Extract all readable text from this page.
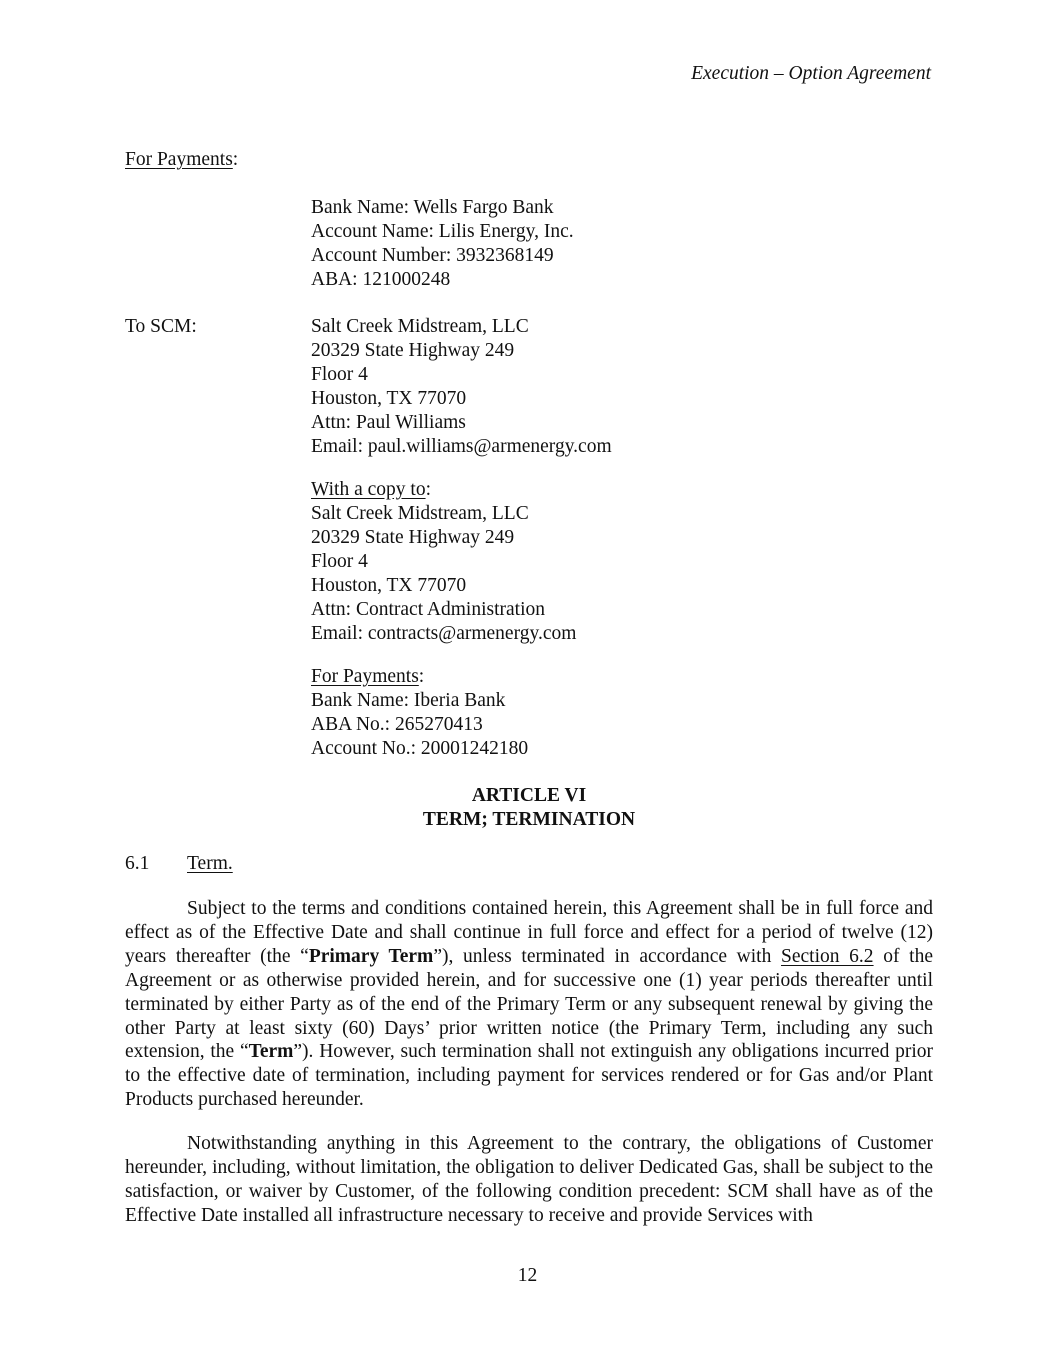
Execution – Option Agreement
For Payments:
Bank Name: Wells Fargo Bank
Account Name: Lilis Energy, Inc.
Account Number: 3932368149
ABA: 121000248
To SCM:	Salt Creek Midstream, LLC
20329 State Highway 249
Floor 4
Houston, TX 77070
Attn: Paul Williams
Email: paul.williams@armenergy.com
With a copy to:
Salt Creek Midstream, LLC
20329 State Highway 249
Floor 4
Houston, TX 77070
Attn: Contract Administration
Email: contracts@armenergy.com
For Payments:
Bank Name: Iberia Bank
ABA No.: 265270413
Account No.: 20001242180
ARTICLE VI
TERM; TERMINATION
6.1 Term.
Subject to the terms and conditions contained herein, this Agreement shall be in full force and effect as of the Effective Date and shall continue in full force and effect for a period of twelve (12) years thereafter (the “Primary Term”), unless terminated in accordance with Section 6.2 of the Agreement or as otherwise provided herein, and for successive one (1) year periods thereafter until terminated by either Party as of the end of the Primary Term or any subsequent renewal by giving the other Party at least sixty (60) Days’ prior written notice (the Primary Term, including any such extension, the “Term”). However, such termination shall not extinguish any obligations incurred prior to the effective date of termination, including payment for services rendered or for Gas and/or Plant Products purchased hereunder.
Notwithstanding anything in this Agreement to the contrary, the obligations of Customer hereunder, including, without limitation, the obligation to deliver Dedicated Gas, shall be subject to the satisfaction, or waiver by Customer, of the following condition precedent: SCM shall have as of the Effective Date installed all infrastructure necessary to receive and provide Services with
12
